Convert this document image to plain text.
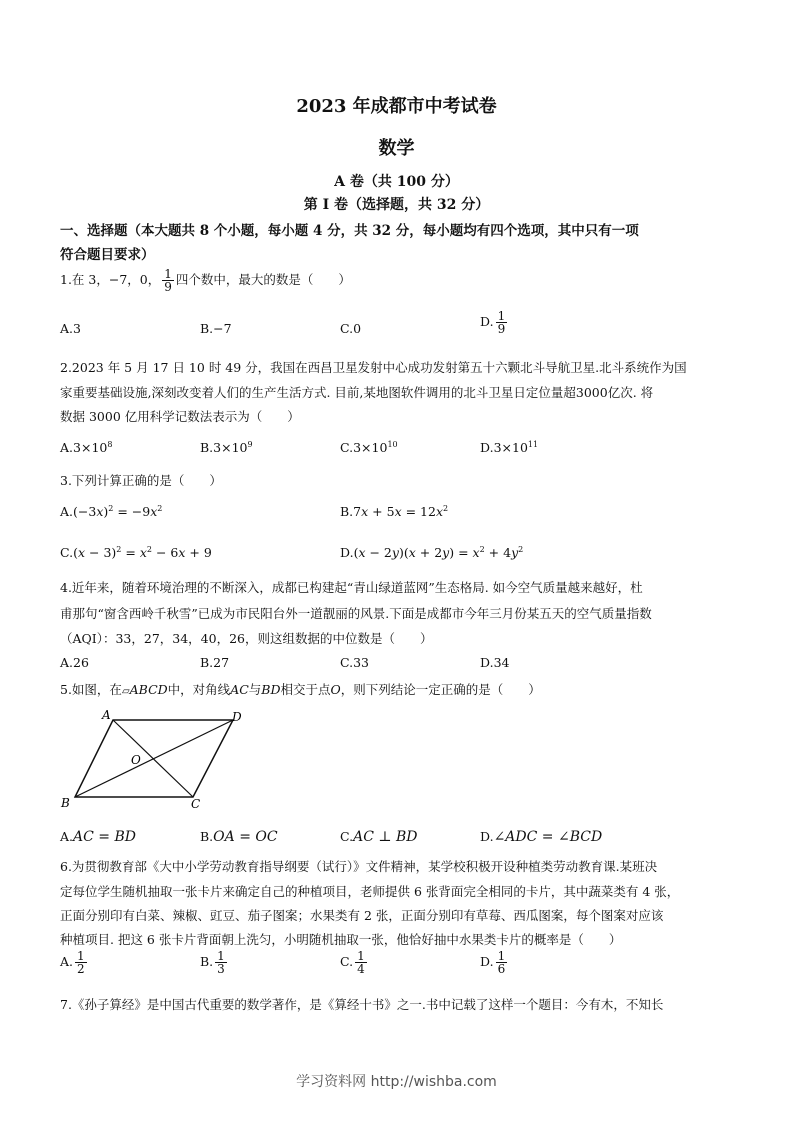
2023 年成都市中考试卷
数学
A 卷（共 100 分）
第 I 卷（选择题，共 32 分）
一、选择题（本大题共 8 个小题，每小题 4 分，共 32 分，每小题均有四个选项，其中只有一项
符合题目要求）
1.在 3，−7，0， $\frac{1}{9}$ 四个数中，最大的数是（　　）
A.3	B.−7	C.0	D. $\frac{1}{9}$
2.2023 年 5 月 17 日 10 时 49 分，我国在西昌卫星发射中心成功发射第五十六颗北斗导航卫星.北斗系统作为国
家重要基础设施,深刻改变着人们的生产生活方式. 目前,某地图软件调用的北斗卫星日定位量超3000亿次. 将
数据 3000 亿用科学记数法表示为（　　）
$A.3\times 10^8$	$B.3\times 10^9$	$C.3\times 10^{10}$	$D.3\times 10^{11}$
3.下列计算正确的是（　　）
$A.(-3x)^2 = -9x^2$	$B.7x + 5x = 12x^2$
$C.(x - 3)^2 = x^2 - 6x + 9$	$D.(x - 2y)(x + 2y) = x^2 + 4y^2$
4.近年来，随着环境治理的不断深入，成都已构建起“青山绿道蓝网”生态格局. 如今空气质量越来越好，杜
甫那句“窗含西岭千秋雪”已成为市民阳台外一道靓丽的风景.下面是成都市今年三月份某五天的空气质量指数
（AQI）：33，27，34，40，26，则这组数据的中位数是（　　）
A.26	B.27	C.33	D.34
5.如图，在▱ABCD中，对角线AC与BD相交于点O，则下列结论一定正确的是（　　）
A	D
B	C
O
A.AC = BD	B.OA = OC	C.AC ⊥ BD	D.∠ADC = ∠BCD
6.为贯彻教育部《大中小学劳动教育指导纲要（试行）》文件精神，某学校积极开设种植类劳动教育课.某班决
定每位学生随机抽取一张卡片来确定自己的种植项目，老师提供 6 张背面完全相同的卡片，其中蔬菜类有 4 张，
正面分别印有白菜、辣椒、豇豆、茄子图案；水果类有 2 张，正面分别印有草莓、西瓜图案，每个图案对应该
种植项目. 把这 6 张卡片背面朝上洗匀，小明随机抽取一张，他恰好抽中水果类卡片的概率是（　　）
A. $\frac{1}{2}$	B. $\frac{1}{3}$	C. $\frac{1}{4}$	D. $\frac{1}{6}$
7.《孙子算经》是中国古代重要的数学著作，是《算经十书》之一.书中记载了这样一个题目：今有木，不知长
学习资料网 http://wishba.com
